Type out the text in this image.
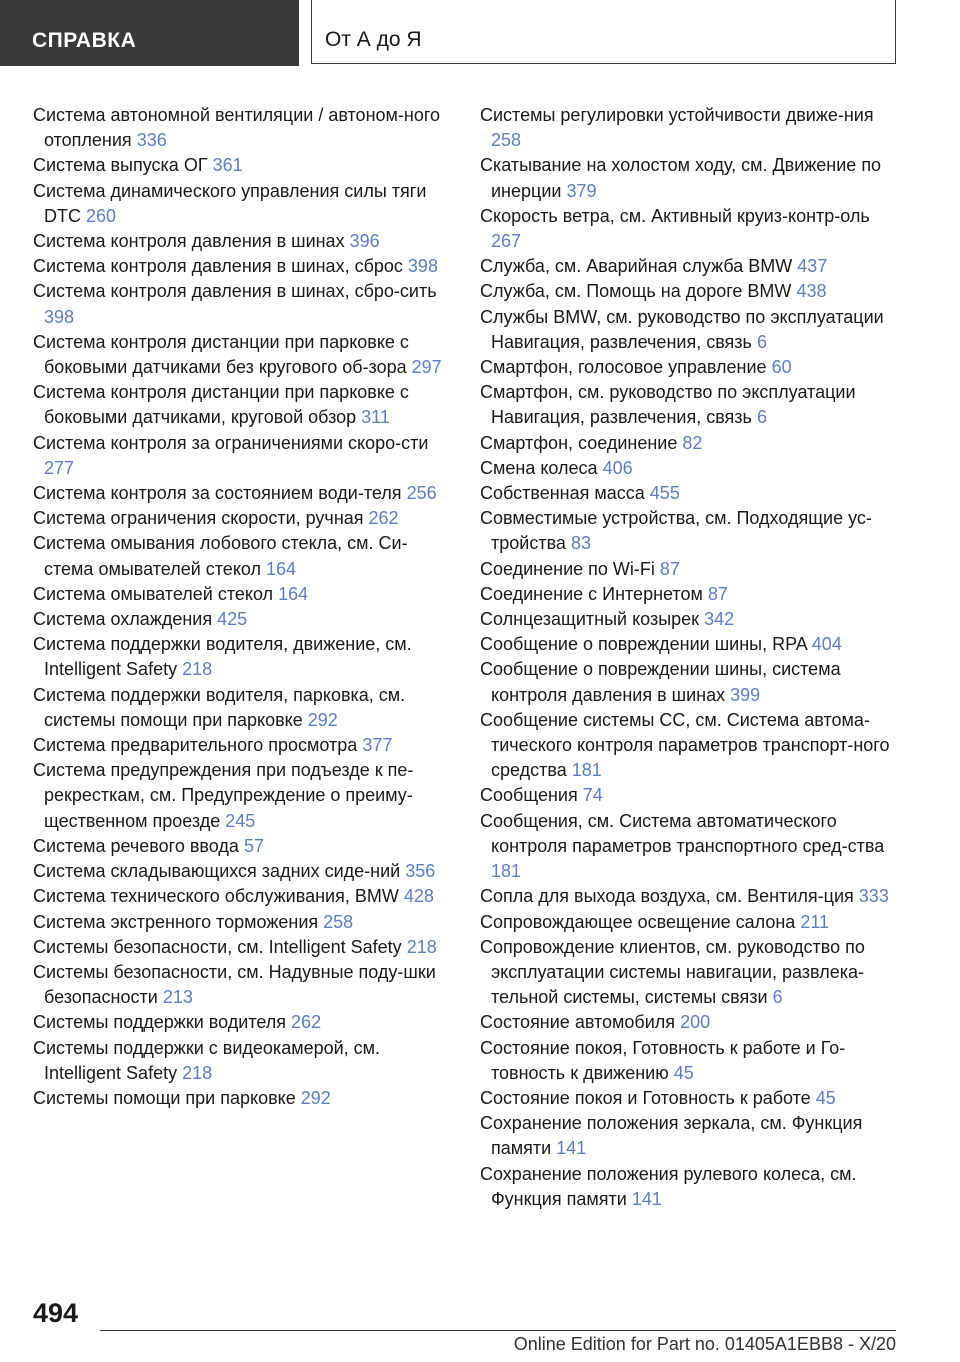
СПРАВКА	От А до Я

Система автономной вентиляции / автоном-ного отопления 336

Система выпуска ОГ 361

Система динамического управления силы тяги DTC 260

Система контроля давления в шинах 396

Система контроля давления в шинах, сброс 398

Система контроля давления в шинах, сбро-сить 398

Система контроля дистанции при парковке с боковыми датчиками без кругового об-зора 297

Система контроля дистанции при парковке с боковыми датчиками, круговой обзор 311

Система контроля за ограничениями скоро-сти 277

Система контроля за состоянием води-теля 256

Система ограничения скорости, ручная 262

Система омывания лобового стекла, см. Си-стема омывателей стекол 164

Система омывателей стекол 164

Система охлаждения 425

Система поддержки водителя, движение, см. Intelligent Safety 218

Система поддержки водителя, парковка, см. системы помощи при парковке 292

Система предварительного просмотра 377

Система предупреждения при подъезде к пе-рекресткам, см. Предупреждение о преиму-щественном проезде 245

Система речевого ввода 57

Система складывающихся задних сиде-ний 356

Система технического обслуживания, BMW 428

Система экстренного торможения 258

Системы безопасности, см. Intelligent Safety 218

Системы безопасности, см. Надувные поду-шки безопасности 213

Системы поддержки водителя 262

Системы поддержки с видеокамерой, см. Intelligent Safety 218

Системы помощи при парковке 292

Системы регулировки устойчивости движе-ния 258

Скатывание на холостом ходу, см. Движение по инерции 379

Скорость ветра, см. Активный круиз-контр-оль 267

Служба, см. Аварийная служба BMW 437

Служба, см. Помощь на дороге BMW 438

Службы BMW, см. руководство по эксплуатации Навигация, развлечения, связь 6

Смартфон, голосовое управление 60

Смартфон, см. руководство по эксплуатации Навигация, развлечения, связь 6

Смартфон, соединение 82

Смена колеса 406

Собственная масса 455

Совместимые устройства, см. Подходящие ус-тройства 83

Соединение по Wi-Fi 87

Соединение с Интернетом 87

Солнцезащитный козырек 342

Сообщение о повреждении шины, RPA 404

Сообщение о повреждении шины, система контроля давления в шинах 399

Сообщение системы CC, см. Система автома-тического контроля параметров транспорт-ного средства 181

Сообщения 74

Сообщения, см. Система автоматического контроля параметров транспортного сред-ства 181

Сопла для выхода воздуха, см. Вентиля-ция 333

Сопровождающее освещение салона 211

Сопровождение клиентов, см. руководство по эксплуатации системы навигации, развлека-тельной системы, системы связи 6

Состояние автомобиля 200

Состояние покоя, Готовность к работе и Го-товность к движению 45

Состояние покоя и Готовность к работе 45

Сохранение положения зеркала, см. Функция памяти 141

Сохранение положения рулевого колеса, см. Функция памяти 141

494
Online Edition for Part no. 01405A1EBB8 - X/20
